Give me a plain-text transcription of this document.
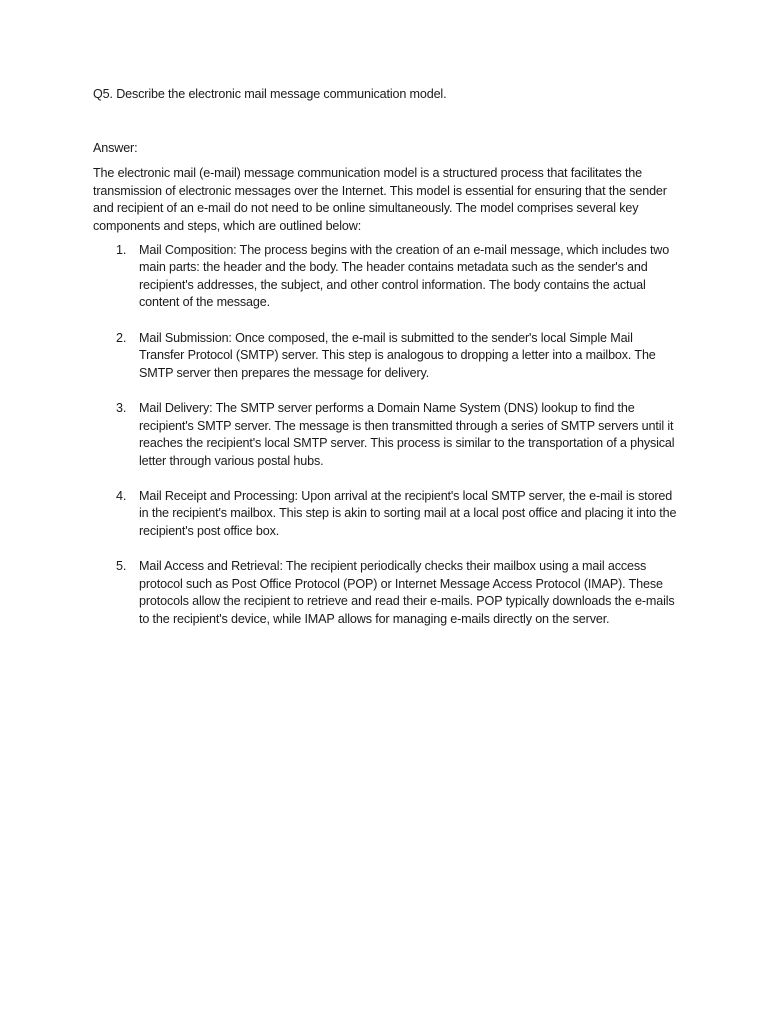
Q5. Describe the electronic mail message communication model.

Answer:

The electronic mail (e-mail) message communication model is a structured process that facilitates the transmission of electronic messages over the Internet. This model is essential for ensuring that the sender and recipient of an e-mail do not need to be online simultaneously. The model comprises several key components and steps, which are outlined below:

1. Mail Composition: The process begins with the creation of an e-mail message, which includes two main parts: the header and the body. The header contains metadata such as the sender's and recipient's addresses, the subject, and other control information. The body contains the actual content of the message.
2. Mail Submission: Once composed, the e-mail is submitted to the sender's local Simple Mail Transfer Protocol (SMTP) server. This step is analogous to dropping a letter into a mailbox. The SMTP server then prepares the message for delivery.
3. Mail Delivery: The SMTP server performs a Domain Name System (DNS) lookup to find the recipient's SMTP server. The message is then transmitted through a series of SMTP servers until it reaches the recipient's local SMTP server. This process is similar to the transportation of a physical letter through various postal hubs.
4. Mail Receipt and Processing: Upon arrival at the recipient's local SMTP server, the e-mail is stored in the recipient's mailbox. This step is akin to sorting mail at a local post office and placing it into the recipient's post office box.
5. Mail Access and Retrieval: The recipient periodically checks their mailbox using a mail access protocol such as Post Office Protocol (POP) or Internet Message Access Protocol (IMAP). These protocols allow the recipient to retrieve and read their e-mails. POP typically downloads the e-mails to the recipient's device, while IMAP allows for managing e-mails directly on the server.
